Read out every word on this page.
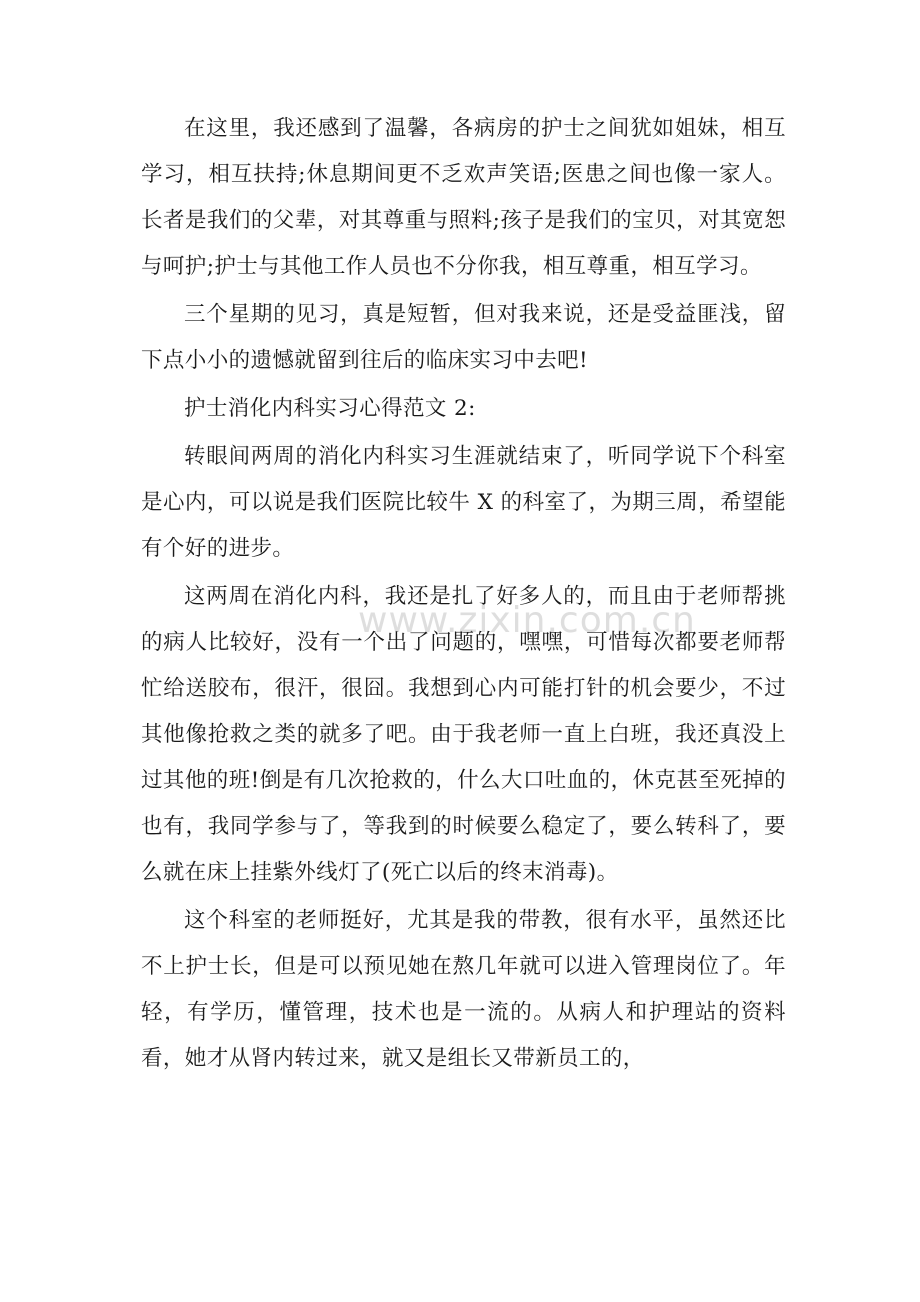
在这里，我还感到了温馨，各病房的护士之间犹如姐妹，相互学习，相互扶持;休息期间更不乏欢声笑语;医患之间也像一家人。长者是我们的父辈，对其尊重与照料;孩子是我们的宝贝，对其宽恕与呵护;护士与其他工作人员也不分你我，相互尊重，相互学习。

三个星期的见习，真是短暂，但对我来说，还是受益匪浅，留下点小小的遗憾就留到往后的临床实习中去吧!

护士消化内科实习心得范文 2:

转眼间两周的消化内科实习生涯就结束了，听同学说下个科室是心内，可以说是我们医院比较牛 X 的科室了，为期三周，希望能有个好的进步。

这两周在消化内科，我还是扎了好多人的，而且由于老师帮挑的病人比较好，没有一个出了问题的，嘿嘿，可惜每次都要老师帮忙给送胶布，很汗，很囧。我想到心内可能打针的机会要少，不过其他像抢救之类的就多了吧。由于我老师一直上白班，我还真没上过其他的班!倒是有几次抢救的，什么大口吐血的，休克甚至死掉的也有，我同学参与了，等我到的时候要么稳定了，要么转科了，要么就在床上挂紫外线灯了(死亡以后的终末消毒)。

这个科室的老师挺好，尤其是我的带教，很有水平，虽然还比不上护士长，但是可以预见她在熬几年就可以进入管理岗位了。年轻，有学历，懂管理，技术也是一流的。从病人和护理站的资料看，她才从肾内转过来，就又是组长又带新员工的，

www.zixin.com.cn
